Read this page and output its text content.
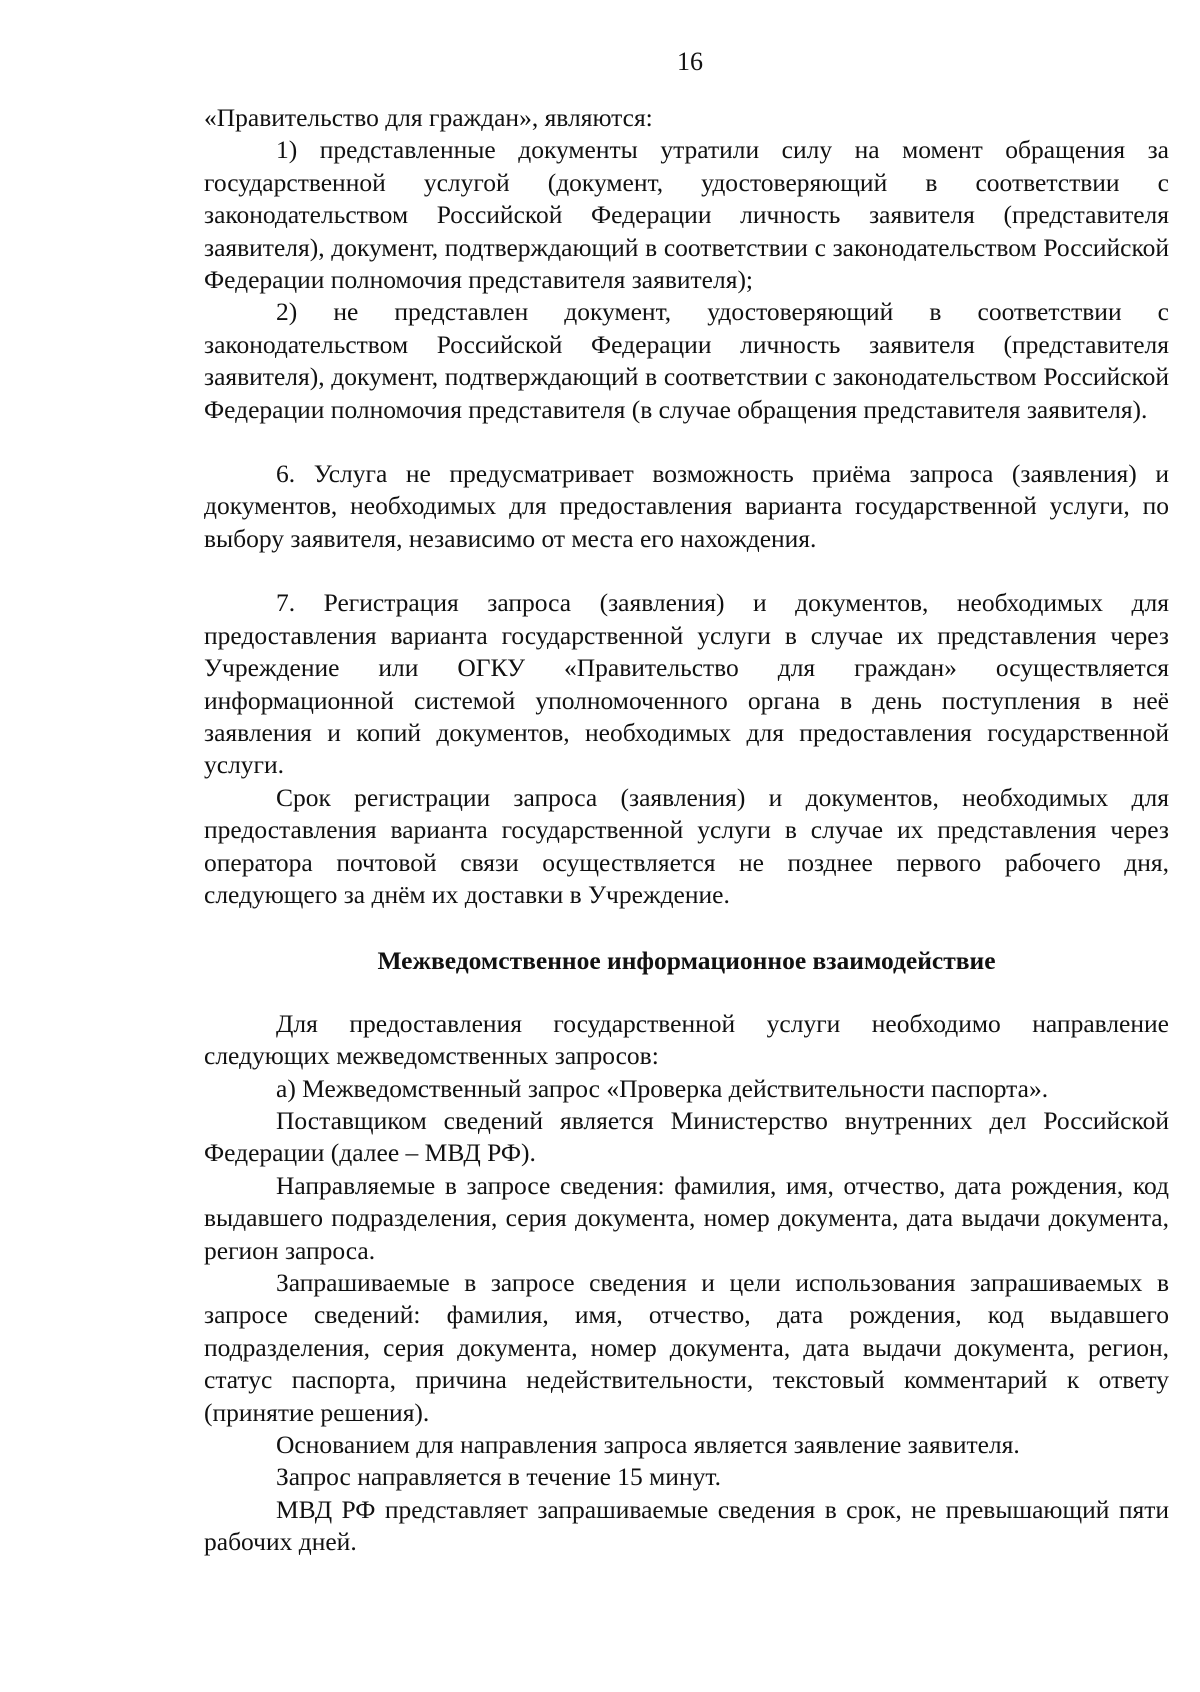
16

«Правительство для граждан», являются:

1) представленные документы утратили силу на момент обращения за государственной услугой (документ, удостоверяющий в соответствии с законодательством Российской Федерации личность заявителя (представителя заявителя), документ, подтверждающий в соответствии с законодательством Российской Федерации полномочия представителя заявителя);

2) не представлен документ, удостоверяющий в соответствии с законодательством Российской Федерации личность заявителя (представителя заявителя), документ, подтверждающий в соответствии с законодательством Российской Федерации полномочия представителя (в случае обращения представителя заявителя).

6. Услуга не предусматривает возможность приёма запроса (заявления) и документов, необходимых для предоставления варианта государственной услуги, по выбору заявителя, независимо от места его нахождения.

7. Регистрация запроса (заявления) и документов, необходимых для предоставления варианта государственной услуги в случае их представления через Учреждение или ОГКУ «Правительство для граждан» осуществляется информационной системой уполномоченного органа в день поступления в неё заявления и копий документов, необходимых для предоставления государственной услуги.

Срок регистрации запроса (заявления) и документов, необходимых для предоставления варианта государственной услуги в случае их представления через оператора почтовой связи осуществляется не позднее первого рабочего дня, следующего за днём их доставки в Учреждение.

Межведомственное информационное взаимодействие

Для предоставления государственной услуги необходимо направление следующих межведомственных запросов:

а) Межведомственный запрос «Проверка действительности паспорта».

Поставщиком сведений является Министерство внутренних дел Российской Федерации (далее – МВД РФ).

Направляемые в запросе сведения: фамилия, имя, отчество, дата рождения, код выдавшего подразделения, серия документа, номер документа, дата выдачи документа, регион запроса.

Запрашиваемые в запросе сведения и цели использования запрашиваемых в запросе сведений: фамилия, имя, отчество, дата рождения, код выдавшего подразделения, серия документа, номер документа, дата выдачи документа, регион, статус паспорта, причина недействительности, текстовый комментарий к ответу (принятие решения).

Основанием для направления запроса является заявление заявителя.

Запрос направляется в течение 15 минут.

МВД РФ представляет запрашиваемые сведения в срок, не превышающий пяти рабочих дней.
